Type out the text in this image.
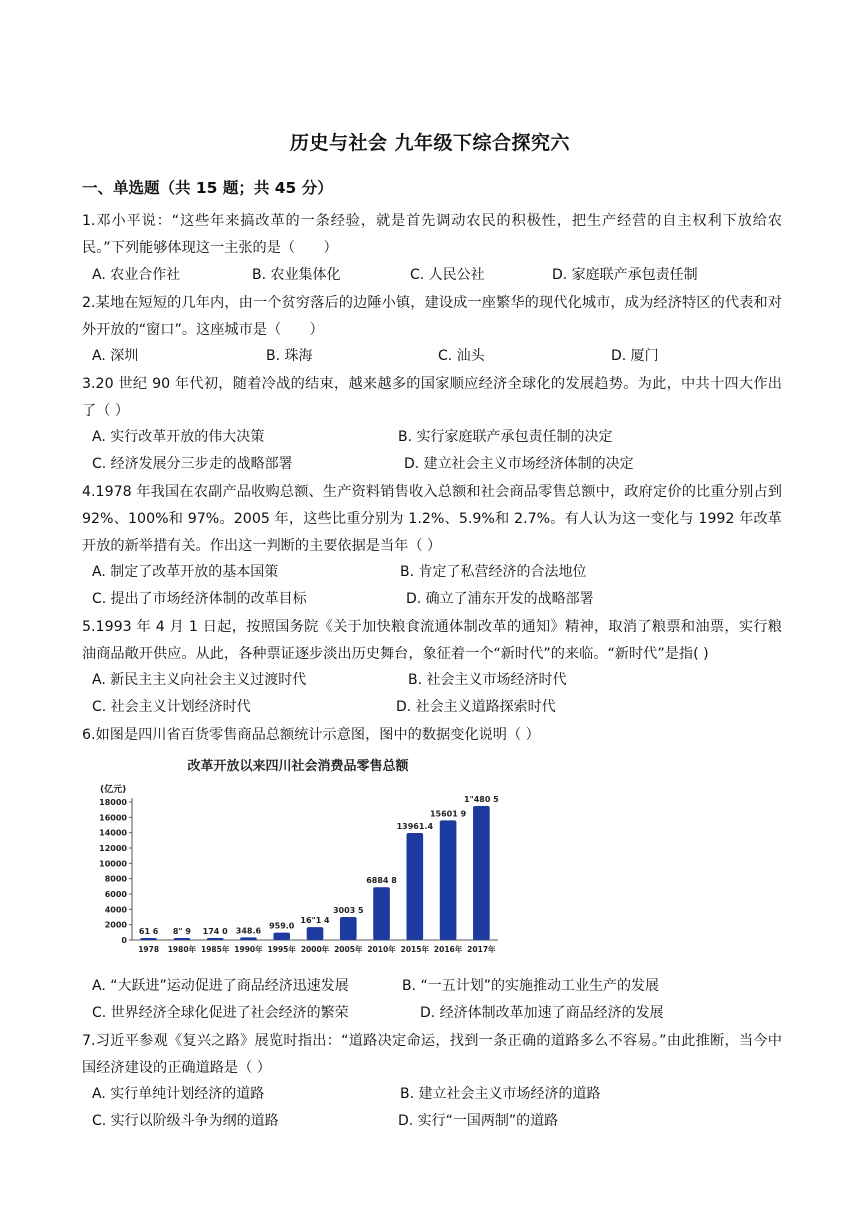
历史与社会 九年级下综合探究六
一、单选题（共 15 题；共 45 分）
1.邓小平说：“这些年来搞改革的一条经验，就是首先调动农民的积极性，把生产经营的自主权利下放给农民。”下列能够体现这一主张的是（　　）
A. 农业合作社	B. 农业集体化	C. 人民公社	D. 家庭联产承包责任制
2.某地在短短的几年内，由一个贫穷落后的边陲小镇，建设成一座繁华的现代化城市，成为经济特区的代表和对外开放的“窗口”。这座城市是（　　）
A. 深圳	B. 珠海	C. 汕头	D. 厦门
3.20 世纪 90 年代初，随着冷战的结束，越来越多的国家顺应经济全球化的发展趋势。为此，中共十四大作出了（ ）
A. 实行改革开放的伟大决策	B. 实行家庭联产承包责任制的决定
C. 经济发展分三步走的战略部署	D. 建立社会主义市场经济体制的决定
4.1978 年我国在农副产品收购总额、生产资料销售收入总额和社会商品零售总额中，政府定价的比重分别占到 92%、100%和 97%。2005 年，这些比重分别为 1.2%、5.9%和 2.7%。有人认为这一变化与 1992 年改革开放的新举措有关。作出这一判断的主要依据是当年（ ）
A. 制定了改革开放的基本国策	B. 肯定了私营经济的合法地位
C. 提出了市场经济体制的改革目标	D. 确立了浦东开发的战略部署
5.1993 年 4 月 1 日起，按照国务院《关于加快粮食流通体制改革的通知》精神，取消了粮票和油票，实行粮油商品敞开供应。从此，各种票证逐步淡出历史舞台，象征着一个“新时代”的来临。“新时代”是指( )
A. 新民主主义向社会主义过渡时代	B. 社会主义市场经济时代
C. 社会主义计划经济时代	D. 社会主义道路探索时代
6.如图是四川省百货零售商品总额统计示意图，图中的数据变化说明（ ）
改革开放以来四川社会消费品零售总额
(亿元)
0
2000
4000
6000
8000
10000
12000
14000
16000
18000
61 6
1978
8" 9
1980年
174 0
1985年
348.6
1990年
959.0
1995年
16"1 4
2000年
3003 5
2005年
6884 8
2010年
13961.4
2015年
15601 9
2016年
1"480 5
2017年
A. “大跃进”运动促进了商品经济迅速发展	B. “一五计划”的实施推动工业生产的发展
C. 世界经济全球化促进了社会经济的繁荣	D. 经济体制改革加速了商品经济的发展
7.习近平参观《复兴之路》展览时指出：“道路决定命运，找到一条正确的道路多么不容易。”由此推断，当今中国经济建设的正确道路是（ ）
A. 实行单纯计划经济的道路	B. 建立社会主义市场经济的道路
C. 实行以阶级斗争为纲的道路	D. 实行“一国两制”的道路
